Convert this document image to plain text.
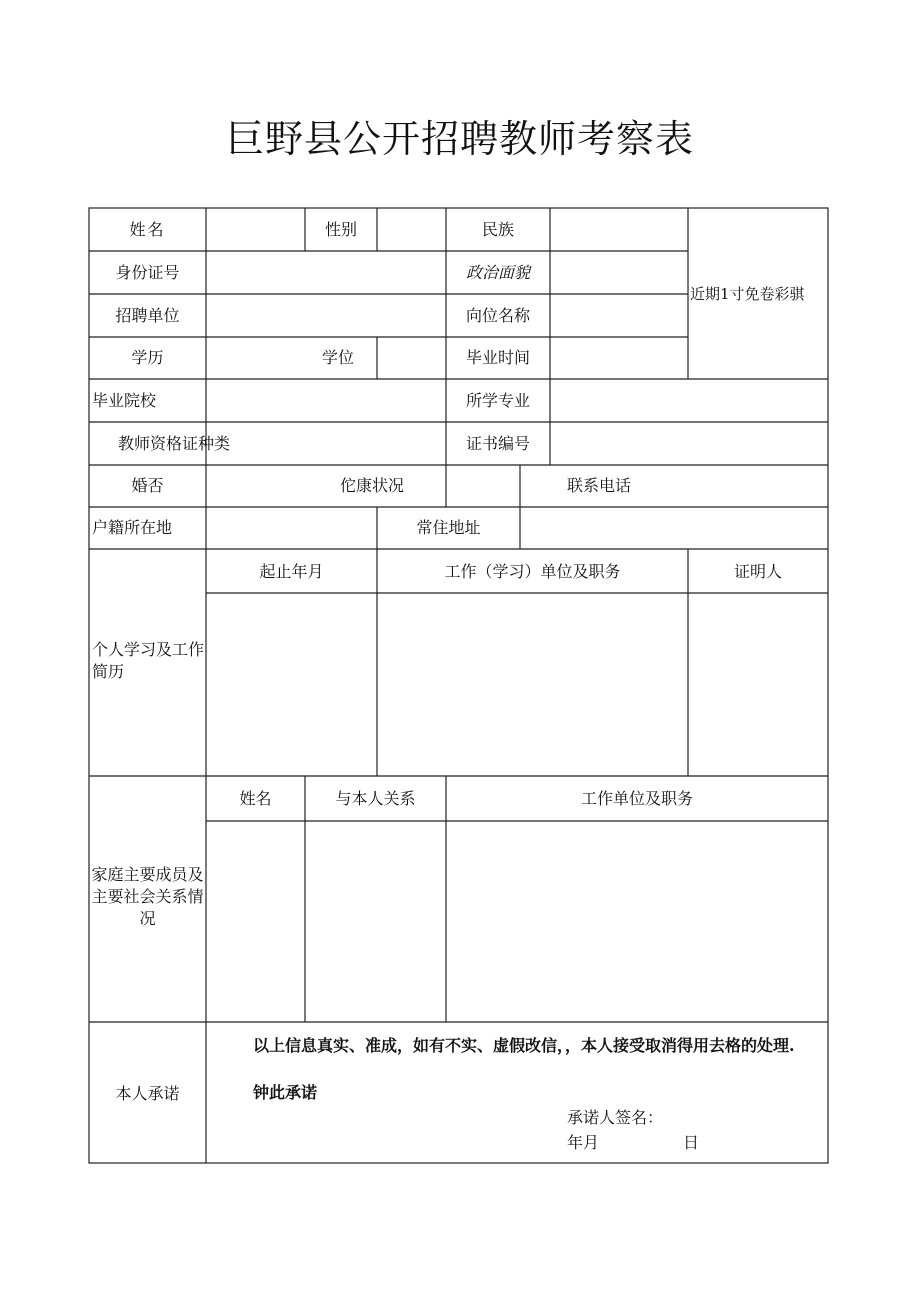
巨野县公开招聘教师考察表
姓名	性别	民族
近期1寸免卷彩骐
身份证号	政治面貌
招聘单位	向位名称
学历	学位	毕业时间
毕业院校	所学专业
教师资格证种类	证书编号
婚否	佗康状况	联系电话
户籍所在地	常住地址
个人学习及工作简历
起止年月	工作（学习）单位及职务	证明人
家庭主要成员及主要社会关系情况
姓名	与本人关系	工作单位及职务
本人承诺
以上信息真实、准成，如有不实、虚假改信，，本人接受取消得用去格的处理.
钟此承诺
承诺人签名：
年月	日
